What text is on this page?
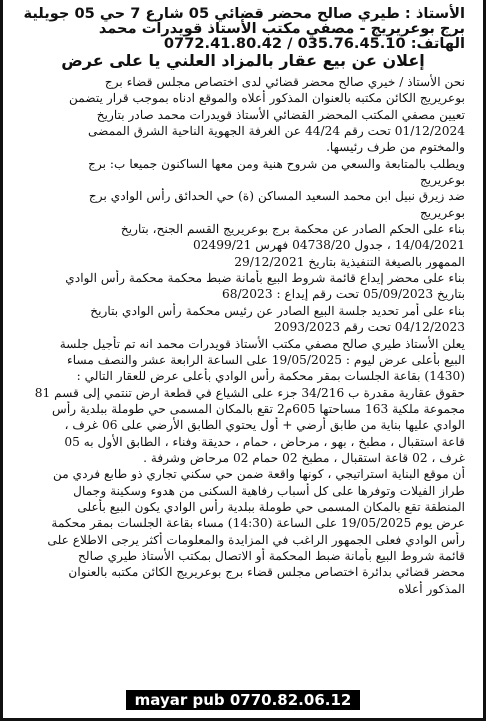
الأستاذ : طيري صالح محضر قضائي 05 شارع 7 حي 05 جويلية
برج بوعريريج - مصفي مكتب الأستاذ قويدرات محمد
الهاتف: 035.76.45.10 / 0772.41.80.42
إعلان عن بيع عقار بالمزاد العلني يا على عرض
نحن الأستاذ / خيري صالح محضر قضائي لدى اختصاص مجلس قضاء برج
بوعريريج الكائن مكتبه بالعنوان المذكور أعلاه والموقع ادناه بموجب قرار يتضمن
تعيين مصفي المكتب المحضر القضائي الأستاذ قويدرات محمد صادر بتاريخ
01/12/2024 تحت رقم 44/24 عن الغرفة الجهوية الناحية الشرق الممضى
والمختوم من طرف رئيسها.
ويطلب بالمتابعة والسعي من شروح هنية ومن معها الساكنون جميعا ب: برج
بوعريريج
ضد زيرق نبيل ابن محمد السعيد المساكن (ة) حي الحدائق رأس الوادي برج
بوعريريج
بناء على الحكم الصادر عن محكمة برج بوعريريج القسم الجنح، بتاريخ
14/04/2021 ، جدول 04738/20 فهرس 02499/21
الممهور بالصيغة التنفيذية بتاريخ 29/12/2021
بناء على محضر إيداع قائمة شروط البيع بأمانة ضبط محكمة محكمة رأس الوادي
بتاريخ 05/09/2023 تحت رقم إيداع : 68/2023
بناء على أمر تحديد جلسة البيع الصادر عن رئيس محكمة رأس الوادي بتاريخ
04/12/2023 تحت رقم 2093/2023
يعلن الأستاذ طيري صالح مصفي مكتب الأستاذ قويدرات محمد انه تم تأجيل جلسة
البيع بأعلى عرض ليوم : 19/05/2025 على الساعة الرابعة عشر والنصف مساء
(1430) بقاعة الجلسات بمقر محكمة رأس الوادي بأعلى عرض للعقار التالي :
حقوق عقارية مقدرة ب 34/216 جزء على الشياع في قطعة ارض تنتمي إلى قسم 81
مجموعة ملكية 163 مساحتها 605م2 تقع بالمكان المسمى حي طوملة ببلدية رأس
الوادي عليها بناية من طابق أرضي + أول يحتوي الطابق الأرضي على 06 غرف ،
قاعة استقبال ، مطبخ ، بهو ، مرحاض ، حمام ، حديقة وفناء ، الطابق الأول به 05
غرف ، 02 قاعة استقبال ، مطبخ 02 حمام 02 مرحاض وشرفة .
أن موقع البناية استراتيجي ، كونها واقعة ضمن حي سكني تجاري ذو طابع فردي من
طراز الفيلات وتوفرها على كل أسباب رفاهية السكنى من هدوء وسكينة وجمال
المنطقة تقع بالمكان المسمى حي طوملة ببلدية رأس الوادي يكون البيع بأعلى
عرض يوم 19/05/2025 على الساعة (14:30) مساء بقاعة الجلسات بمقر محكمة
رأس الوادي فعلى الجمهور الراغب في المزايدة والمعلومات أكثر يرجى الاطلاع على
قائمة شروط البيع بأمانة ضبط المحكمة أو الاتصال بمكتب الأستاذ طيري صالح
محضر قضائي بدائرة اختصاص مجلس قضاء برج بوعريريج الكائن مكتبه بالعنوان
المذكور أعلاه
mayar pub 0770.82.06.12
